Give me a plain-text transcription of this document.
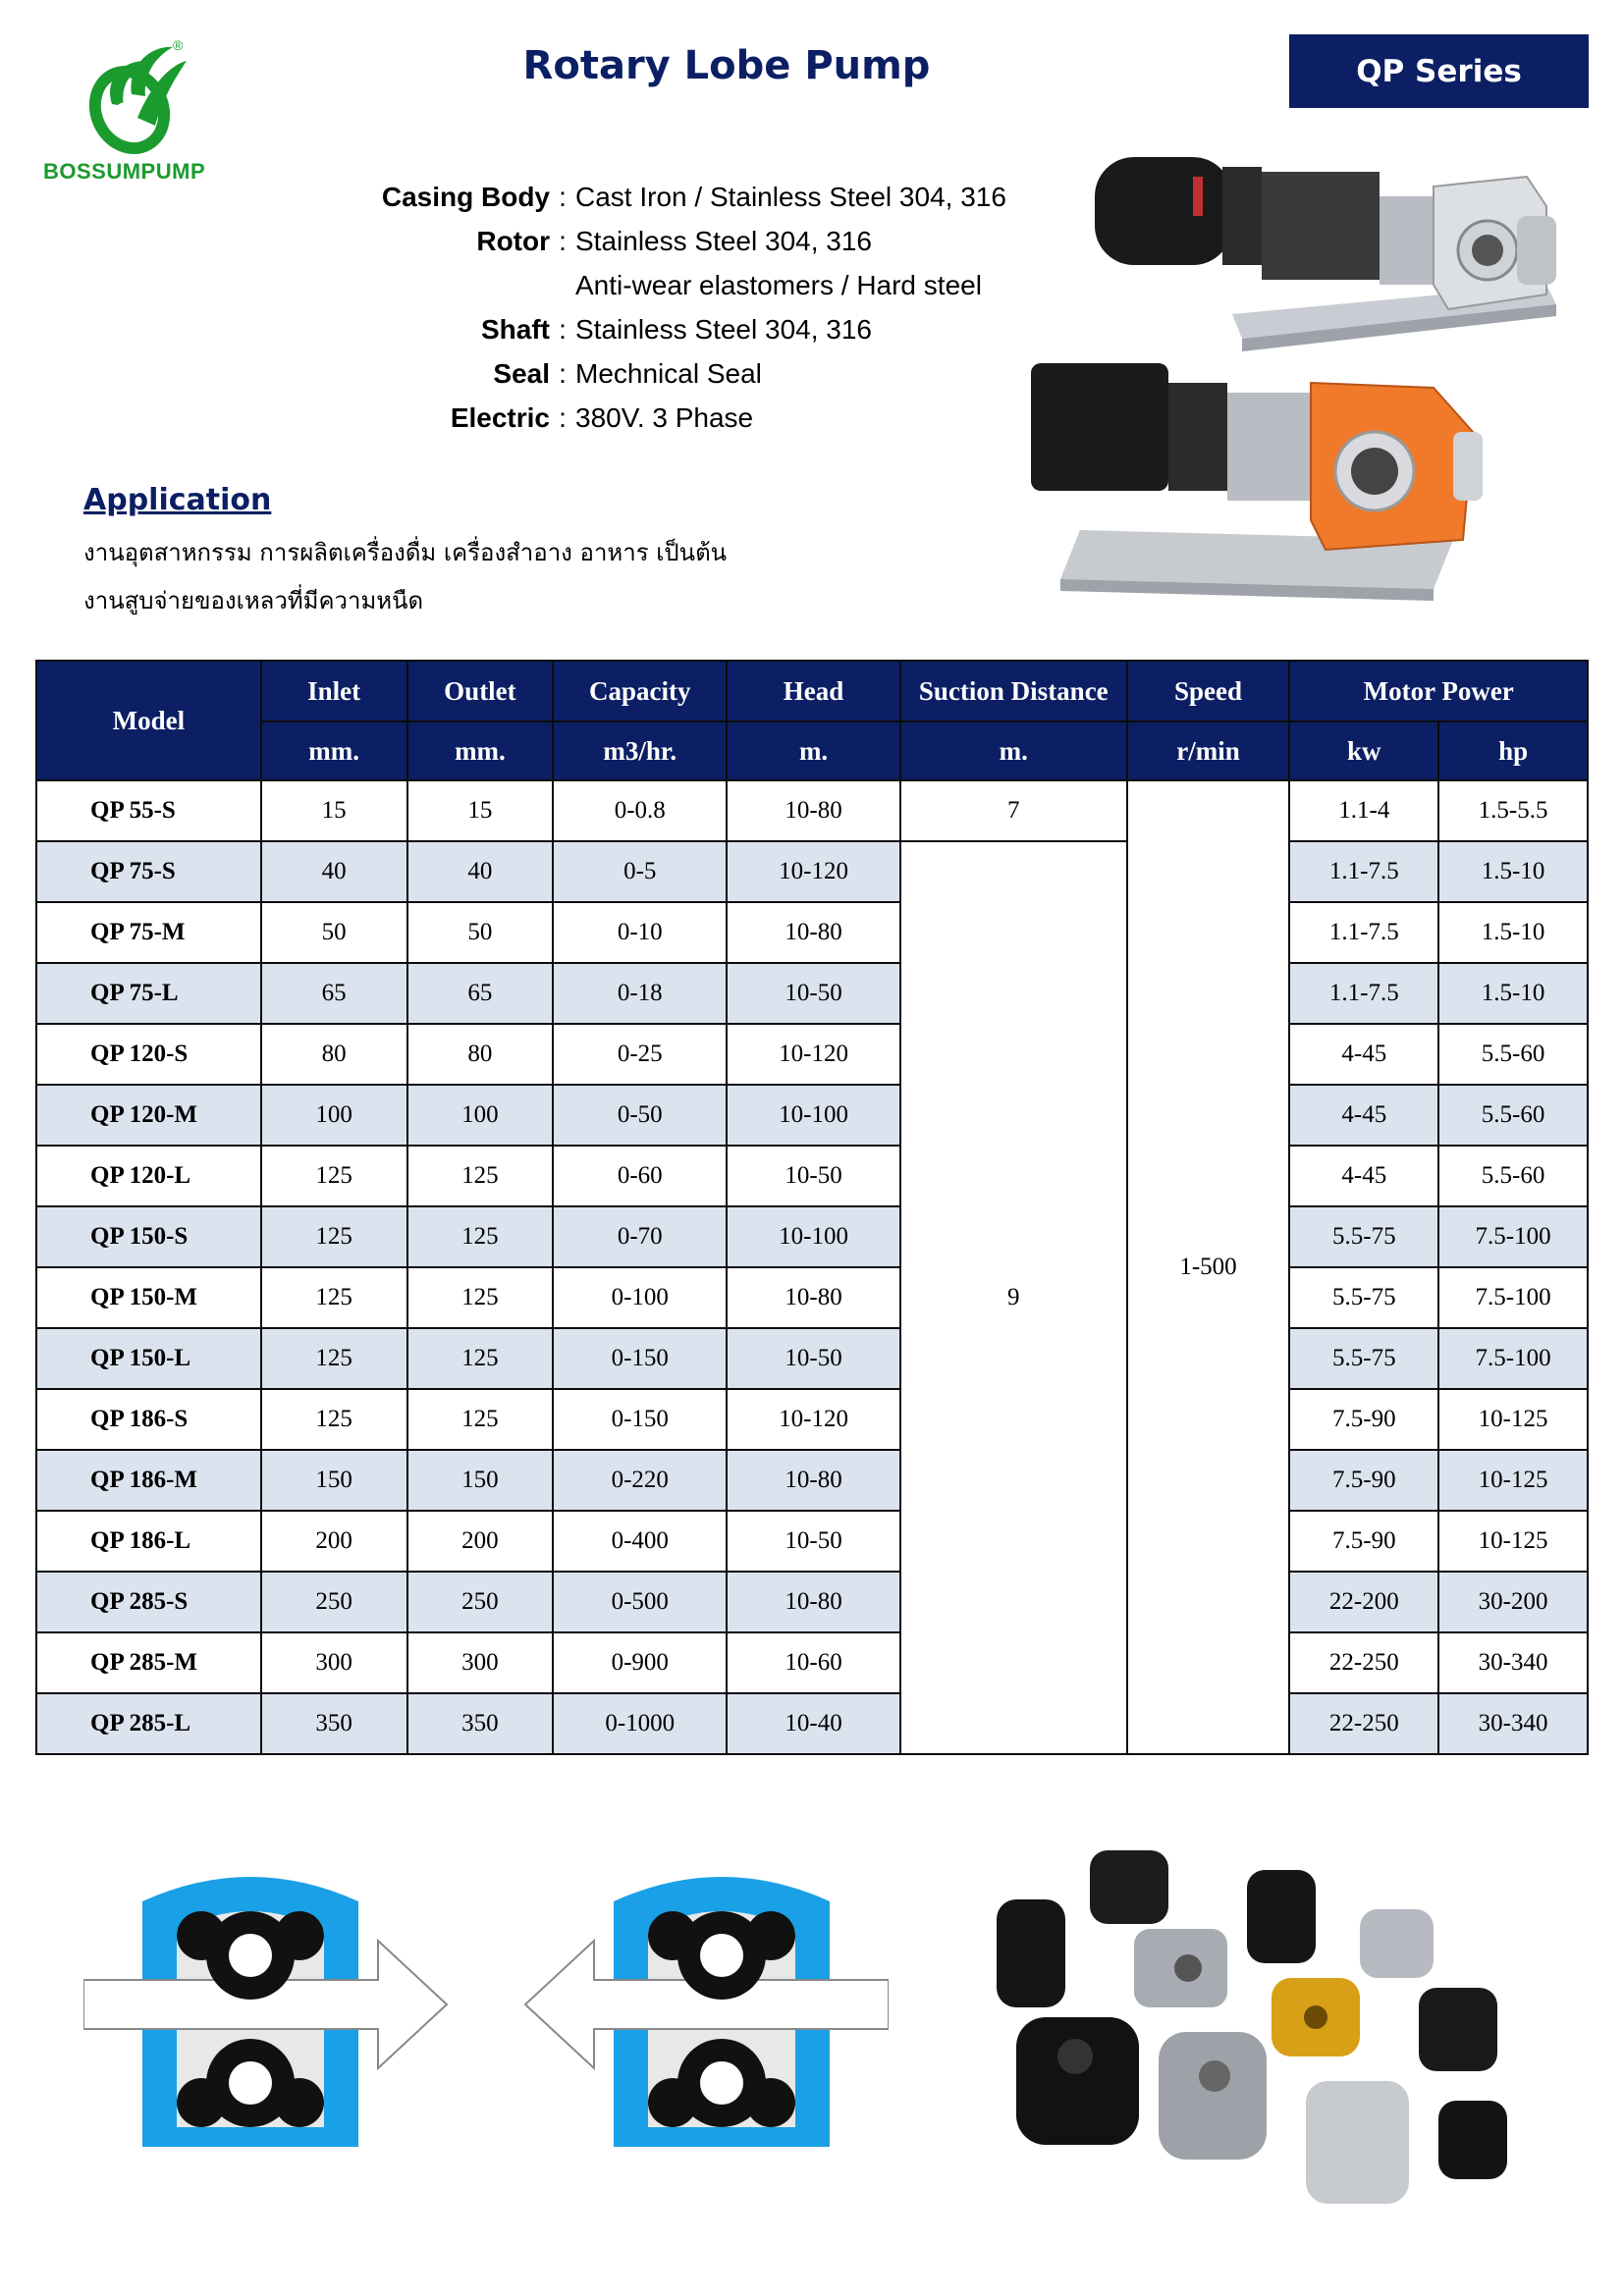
®
BOSSUMPUMP
Rotary Lobe Pump	QP Series
Casing Body : Cast Iron / Stainless Steel 304, 316
Rotor : Stainless Steel 304, 316
Anti-wear elastomers / Hard steel
Shaft : Stainless Steel 304, 316
Seal : Mechnical Seal
Electric : 380V. 3 Phase
Application
งานอุตสาหกรรม การผลิตเครื่องดื่ม เครื่องสำอาง อาหาร เป็นต้น
งานสูบจ่ายของเหลวที่มีความหนืด
Model	Inlet	Outlet	Capacity	Head	Suction Distance	Speed	Motor Power	
	mm.	mm.	m3/hr.	m.	m.	r/min	kw	hp
QP 55-S	15	15	0-0.8	10-80	7	1-500	1.1-4	1.5-5.5
QP 75-S	40	40	0-5	10-120	9		1.1-7.5	1.5-10
QP 75-M	50	50	0-10	10-80			1.1-7.5	1.5-10
QP 75-L	65	65	0-18	10-50			1.1-7.5	1.5-10
QP 120-S	80	80	0-25	10-120			4-45	5.5-60
QP 120-M	100	100	0-50	10-100			4-45	5.5-60
QP 120-L	125	125	0-60	10-50			4-45	5.5-60
QP 150-S	125	125	0-70	10-100			5.5-75	7.5-100
QP 150-M	125	125	0-100	10-80			5.5-75	7.5-100
QP 150-L	125	125	0-150	10-50			5.5-75	7.5-100
QP 186-S	125	125	0-150	10-120			7.5-90	10-125
QP 186-M	150	150	0-220	10-80			7.5-90	10-125
QP 186-L	200	200	0-400	10-50			7.5-90	10-125
QP 285-S	250	250	0-500	10-80			22-200	30-200
QP 285-M	300	300	0-900	10-60			22-250	30-340
QP 285-L	350	350	0-1000	10-40			22-250	30-340
